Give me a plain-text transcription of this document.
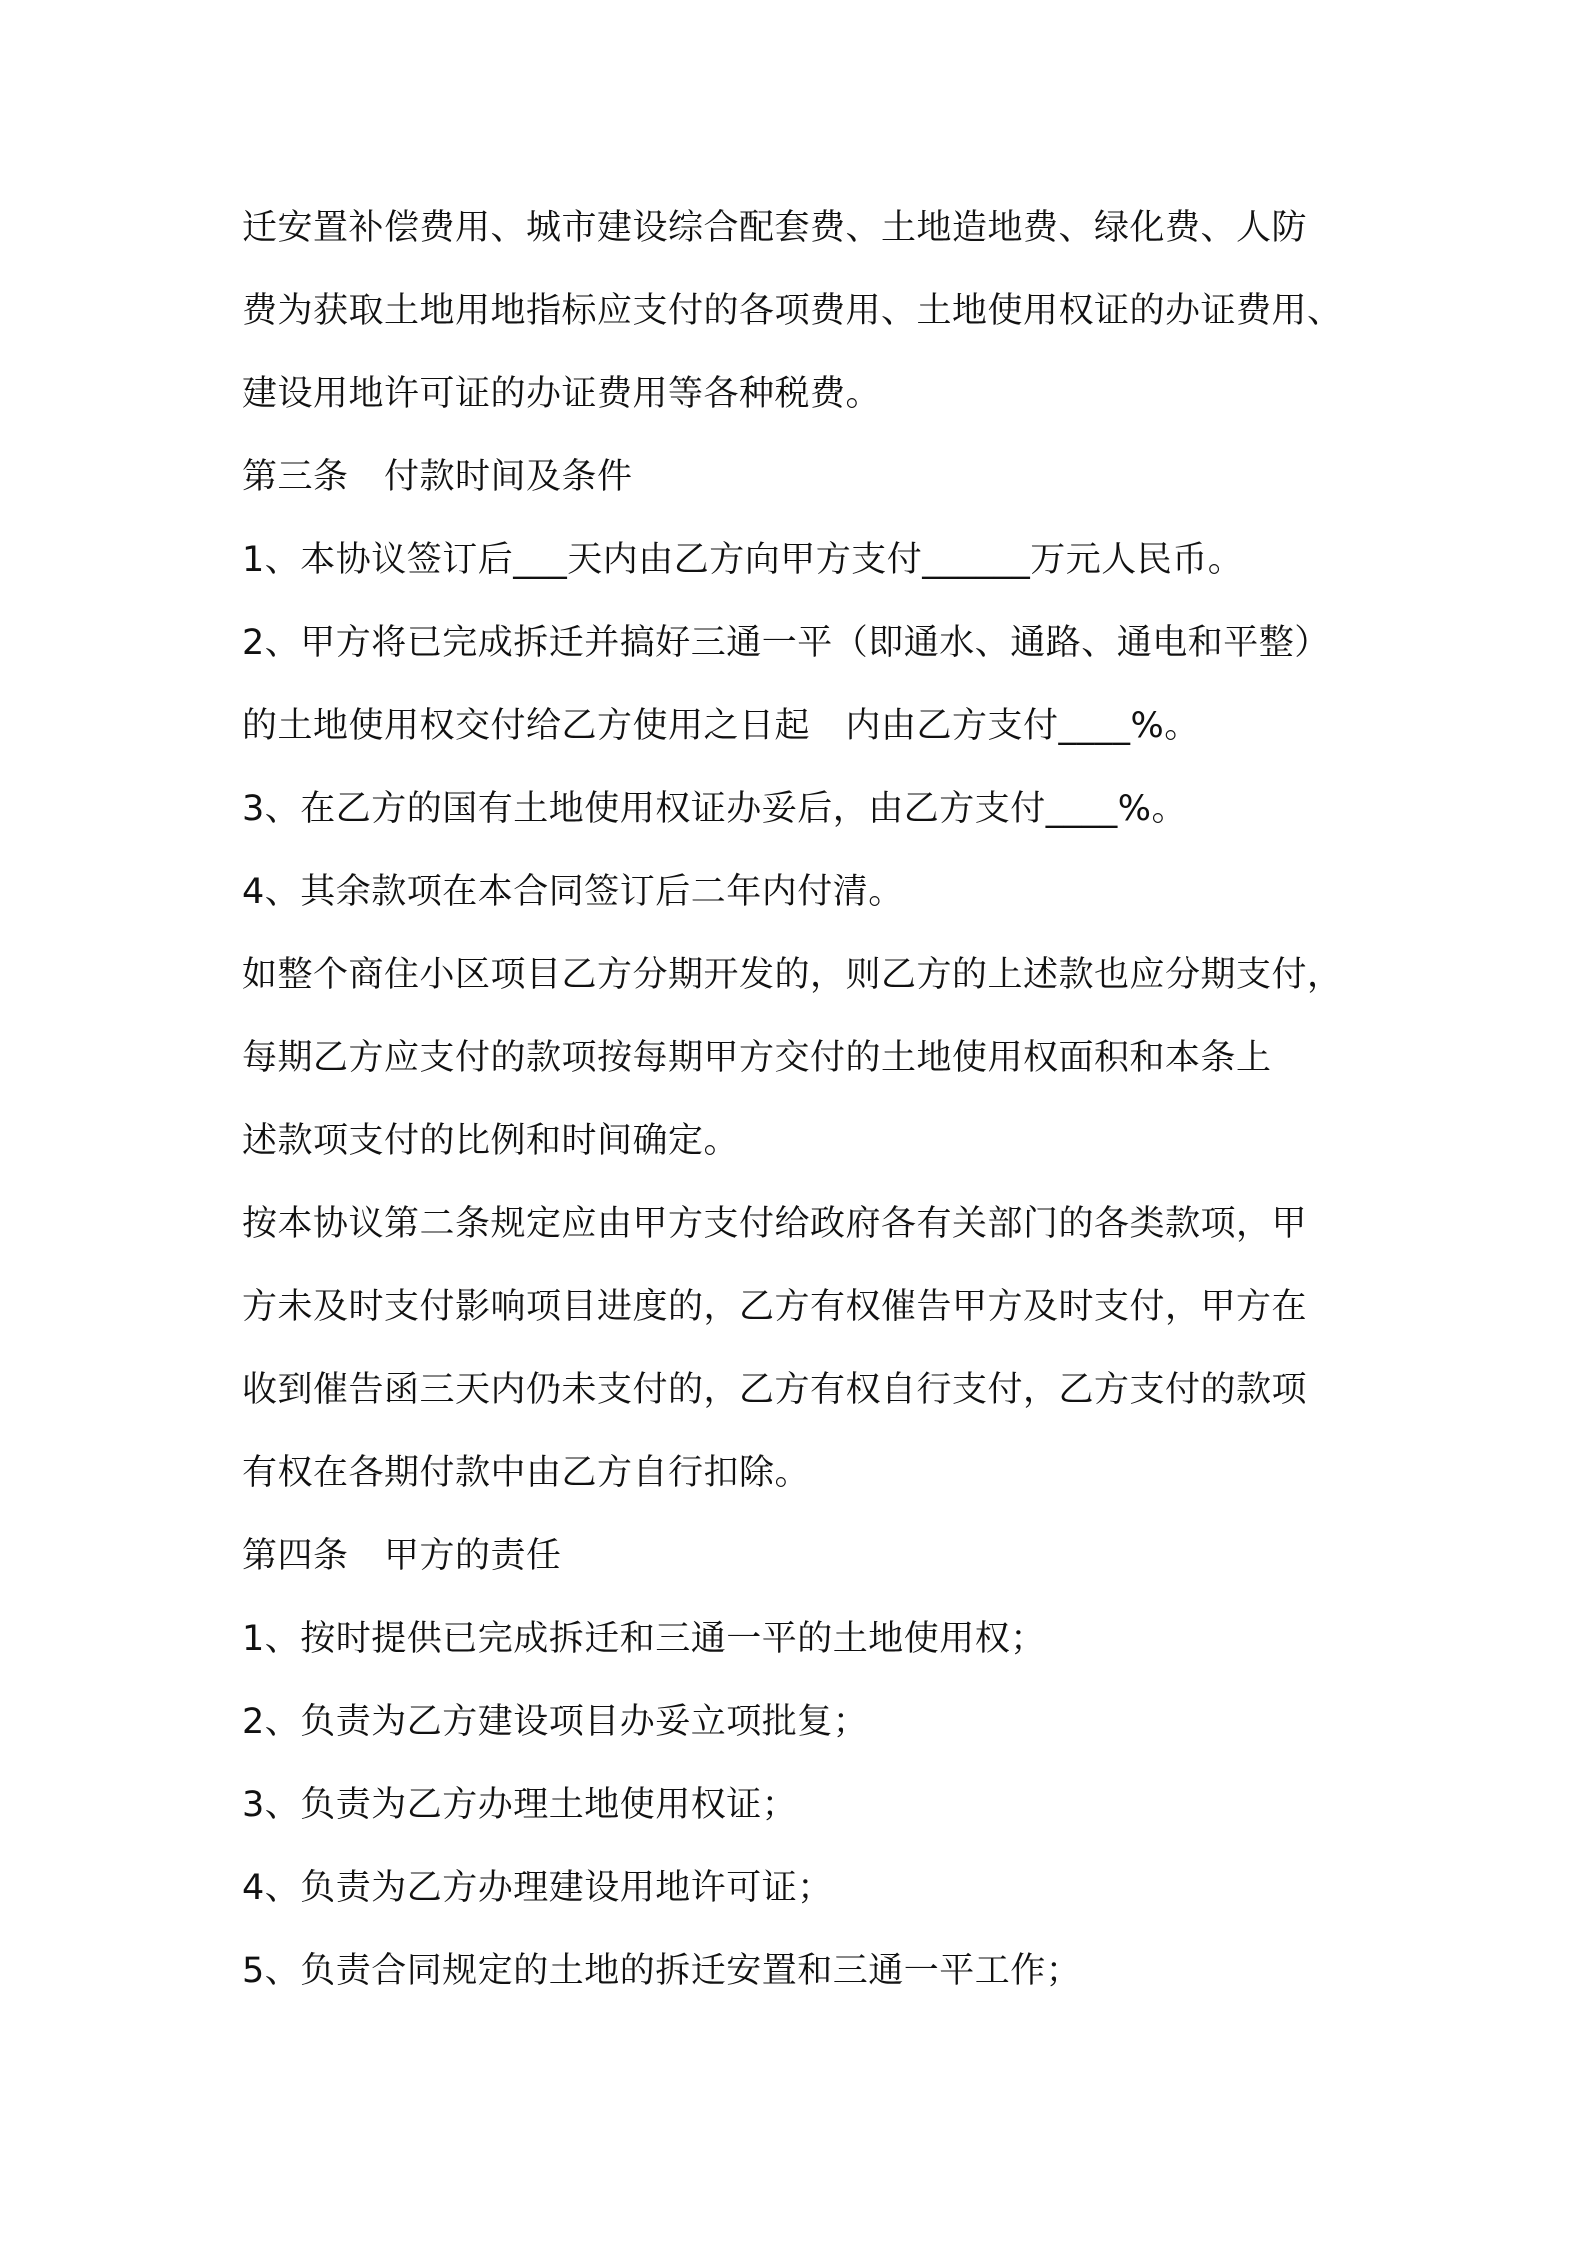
迁安置补偿费用、城市建设综合配套费、土地造地费、绿化费、人防
费为获取土地用地指标应支付的各项费用、土地使用权证的办证费用、
建设用地许可证的办证费用等各种税费。
第三条　付款时间及条件
1、本协议签订后___天内由乙方向甲方支付______万元人民币。
2、甲方将已完成拆迁并搞好三通一平（即通水、通路、通电和平整）
的土地使用权交付给乙方使用之日起　内由乙方支付____%。
3、在乙方的国有土地使用权证办妥后，由乙方支付____%。
4、其余款项在本合同签订后二年内付清。
如整个商住小区项目乙方分期开发的，则乙方的上述款也应分期支付，
每期乙方应支付的款项按每期甲方交付的土地使用权面积和本条上
述款项支付的比例和时间确定。
按本协议第二条规定应由甲方支付给政府各有关部门的各类款项，甲
方未及时支付影响项目进度的，乙方有权催告甲方及时支付，甲方在
收到催告函三天内仍未支付的，乙方有权自行支付，乙方支付的款项
有权在各期付款中由乙方自行扣除。
第四条　甲方的责任
1、按时提供已完成拆迁和三通一平的土地使用权；
2、负责为乙方建设项目办妥立项批复；
3、负责为乙方办理土地使用权证；
4、负责为乙方办理建设用地许可证；
5、负责合同规定的土地的拆迁安置和三通一平工作；
